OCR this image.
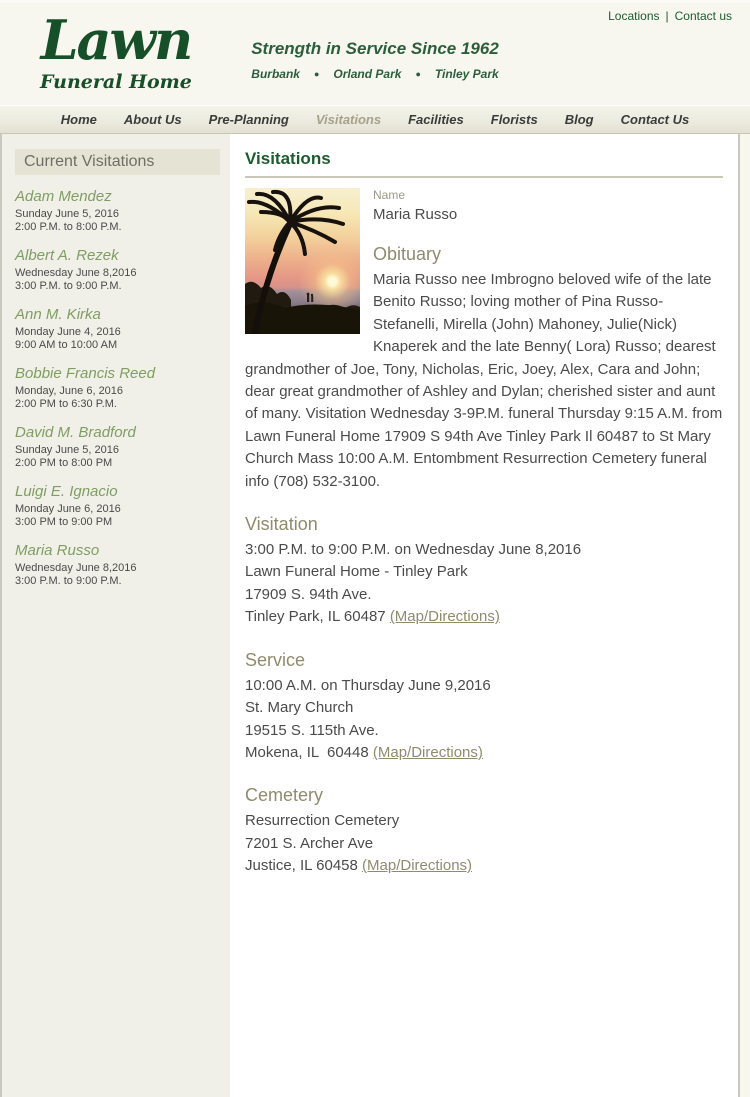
Locations | Contact us
Lawn
Funeral Home
Strength in Service Since 1962
Burbank ● Orland Park ● Tinley Park
Home About Us Pre-Planning Visitations Facilities Florists Blog Contact Us
Current Visitations
Adam Mendez
Sunday June 5, 2016
2:00 P.M. to 8:00 P.M.
Albert A. Rezek
Wednesday June 8,2016
3:00 P.M. to 9:00 P.M.
Ann M. Kirka
Monday June 4, 2016
9:00 AM to 10:00 AM
Bobbie Francis Reed
Monday, June 6, 2016
2:00 PM to 6:30 P.M.
David M. Bradford
Sunday June 5, 2016
2:00 PM to 8:00 PM
Luigi E. Ignacio
Monday June 6, 2016
3:00 PM to 9:00 PM
Maria Russo
Wednesday June 8,2016
3:00 P.M. to 9:00 P.M.
Visitations
Name
Maria Russo
Obituary
Maria Russo nee Imbrogno beloved wife of the late Benito Russo; loving mother of Pina Russo-Stefanelli, Mirella (John) Mahoney, Julie(Nick) Knaperek and the late Benny( Lora) Russo; dearest grandmother of Joe, Tony, Nicholas, Eric, Joey, Alex, Cara and John; dear great grandmother of Ashley and Dylan; cherished sister and aunt of many. Visitation Wednesday 3-9P.M. funeral Thursday 9:15 A.M. from Lawn Funeral Home 17909 S 94th Ave Tinley Park Il 60487 to St Mary Church Mass 10:00 A.M. Entombment Resurrection Cemetery funeral info (708) 532-3100.
Visitation
3:00 P.M. to 9:00 P.M. on Wednesday June 8,2016
Lawn Funeral Home - Tinley Park
17909 S. 94th Ave.
Tinley Park, IL 60487 (Map/Directions)
Service
10:00 A.M. on Thursday June 9,2016
St. Mary Church
19515 S. 115th Ave.
Mokena, IL  60448 (Map/Directions)
Cemetery
Resurrection Cemetery
7201 S. Archer Ave
Justice, IL 60458 (Map/Directions)
